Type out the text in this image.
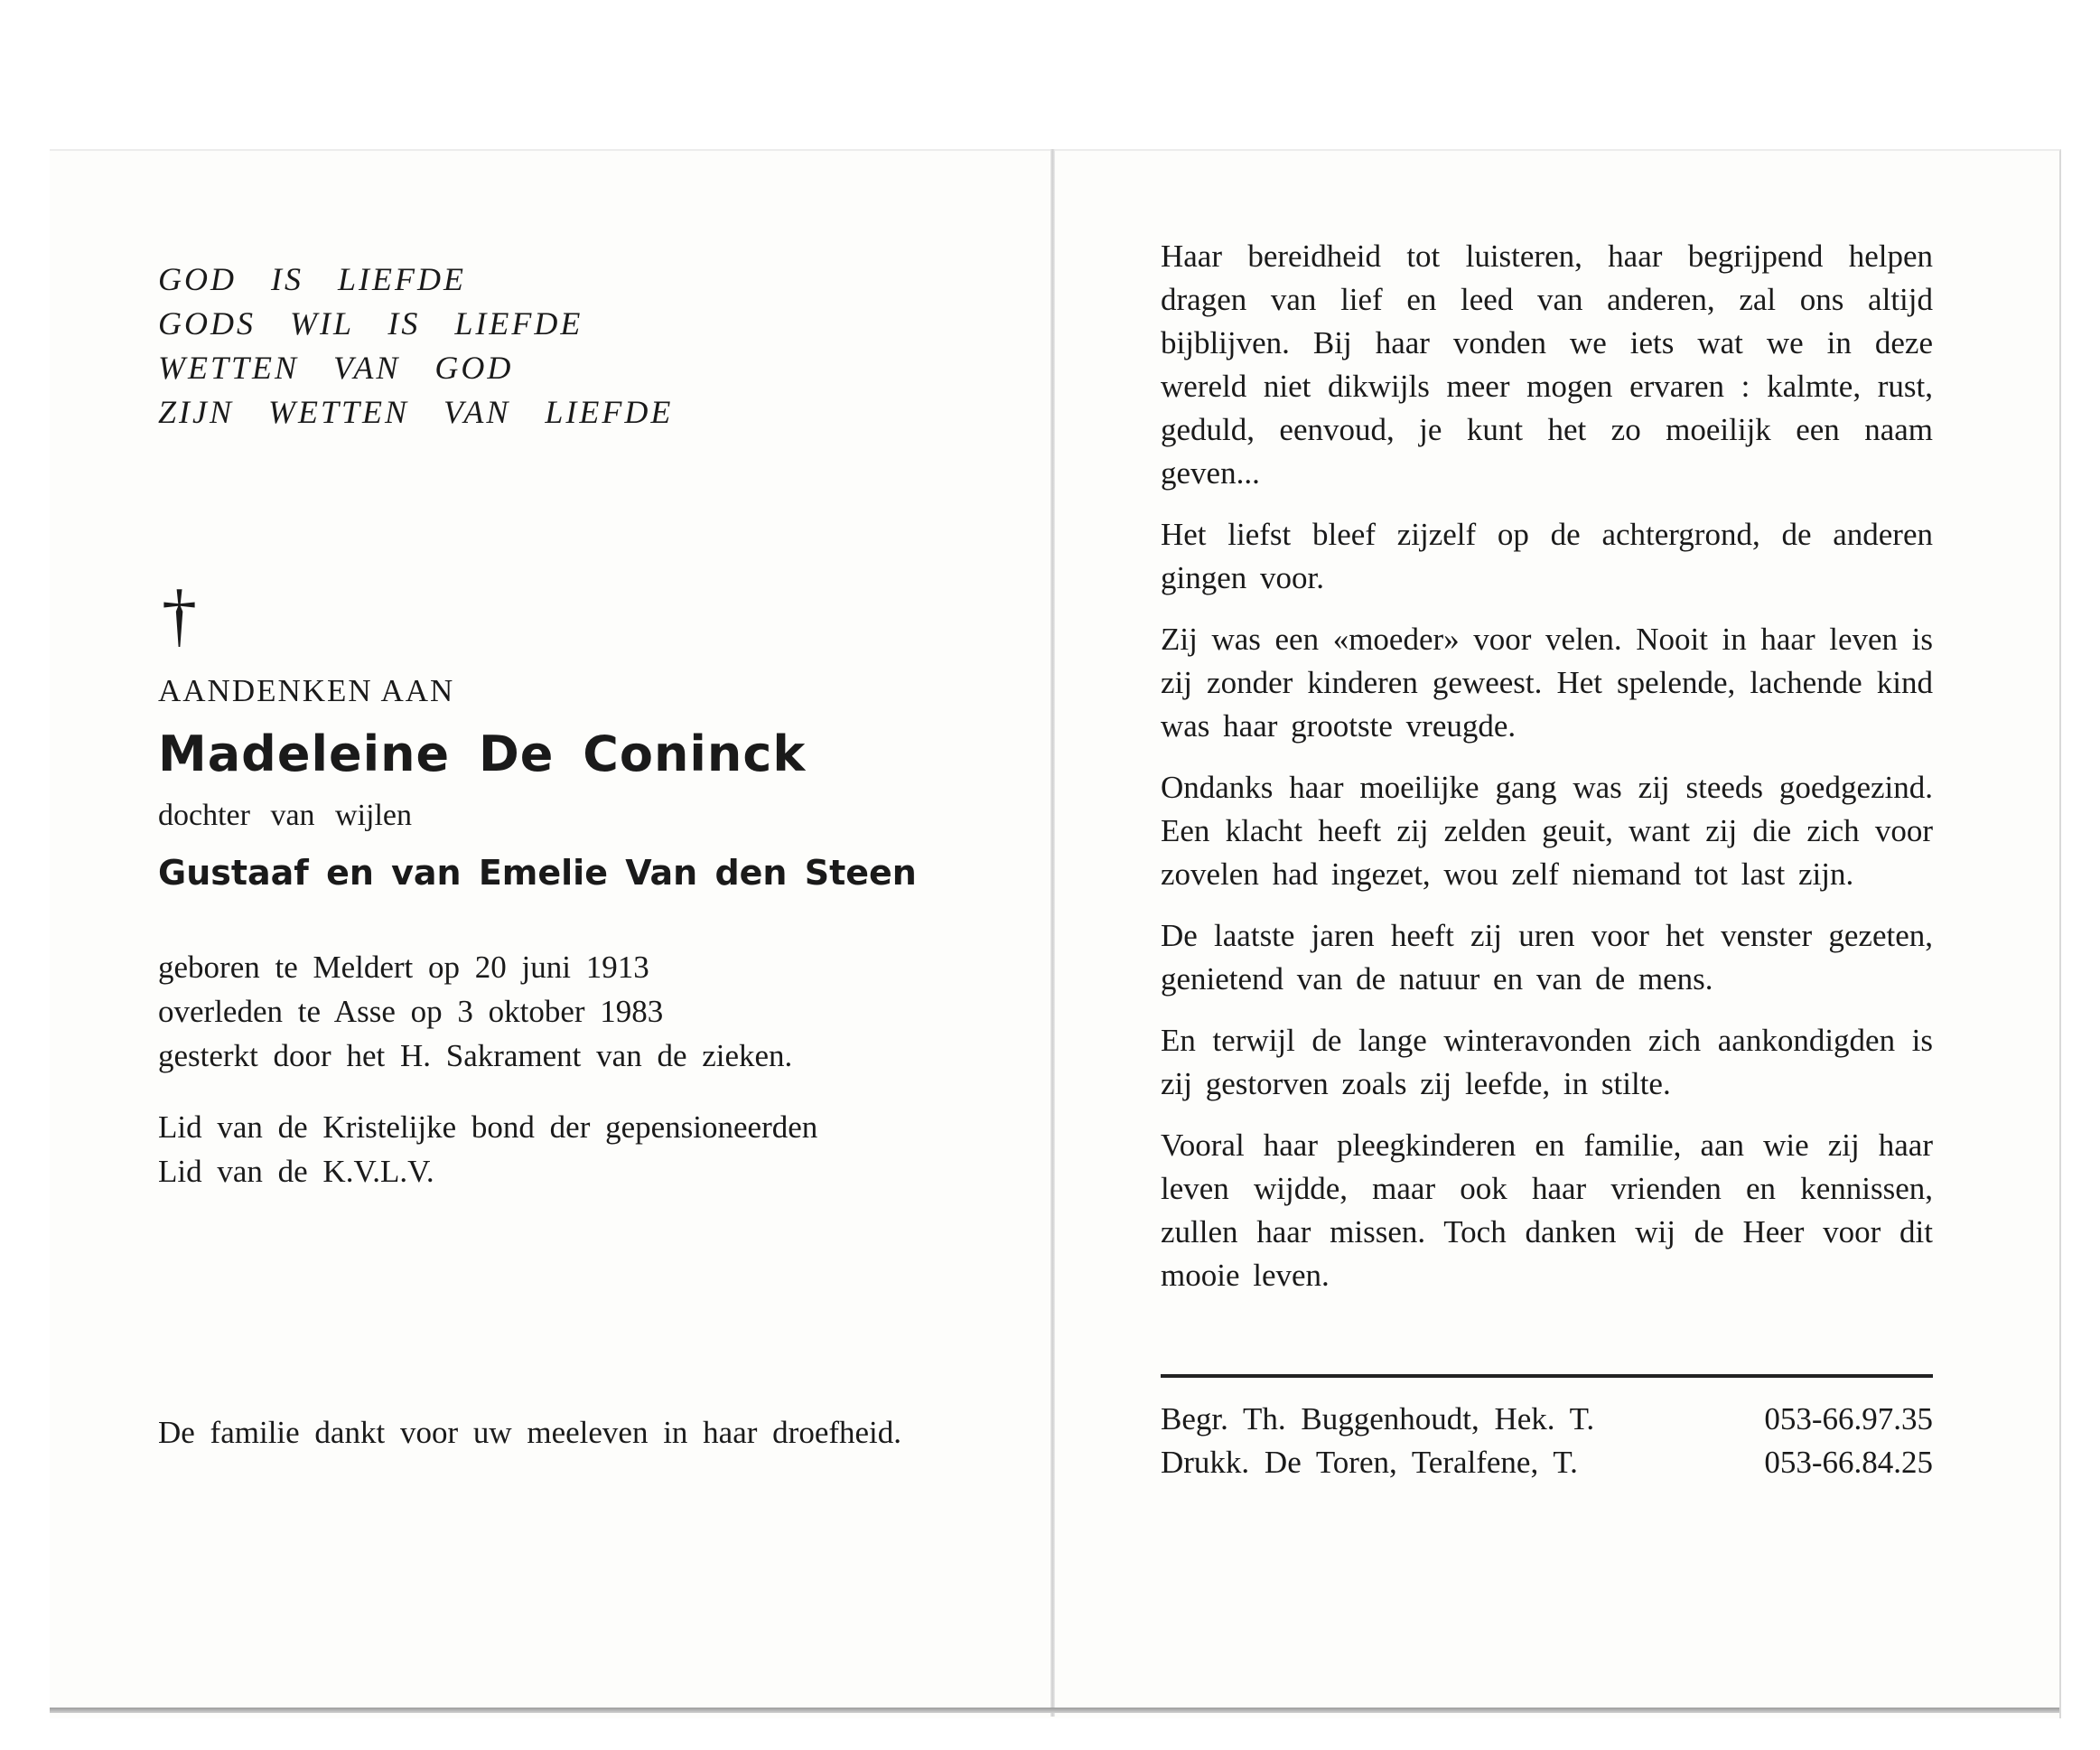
GOD IS LIEFDE
GODS WIL IS LIEFDE
WETTEN VAN GOD
ZIJN WETTEN VAN LIEFDE
†
AANDENKEN AAN
Madeleine De Coninck
dochter van wijlen
Gustaaf en van Emelie Van den Steen
geboren te Meldert op 20 juni 1913
overleden te Asse op 3 oktober 1983
gesterkt door het H. Sakrament van de zieken.
Lid van de Kristelijke bond der gepensioneerden
Lid van de K.V.L.V.
De familie dankt voor uw meeleven in haar droefheid.

Haar bereidheid tot luisteren, haar begrijpend helpen dragen van lief en leed van anderen, zal ons altijd bijblijven. Bij haar vonden we iets wat we in deze wereld niet dikwijls meer mogen ervaren : kalmte, rust, geduld, eenvoud, je kunt het zo moeilijk een naam geven...

Het liefst bleef zijzelf op de achtergrond, de anderen gingen voor.

Zij was een «moeder» voor velen. Nooit in haar leven is zij zonder kinderen geweest. Het spelende, lachende kind was haar grootste vreugde.

Ondanks haar moeilijke gang was zij steeds goedgezind. Een klacht heeft zij zelden geuit, want zij die zich voor zovelen had ingezet, wou zelf niemand tot last zijn.

De laatste jaren heeft zij uren voor het venster gezeten, genietend van de natuur en van de mens.

En terwijl de lange winteravonden zich aankondigden is zij gestorven zoals zij leefde, in stilte.

Vooral haar pleegkinderen en familie, aan wie zij haar leven wijdde, maar ook haar vrienden en kennissen, zullen haar missen. Toch danken wij de Heer voor dit mooie leven.

Begr. Th. Buggenhoudt, Hek. T.	053-66.97.35
Drukk. De Toren, Teralfene, T.	053-66.84.25
